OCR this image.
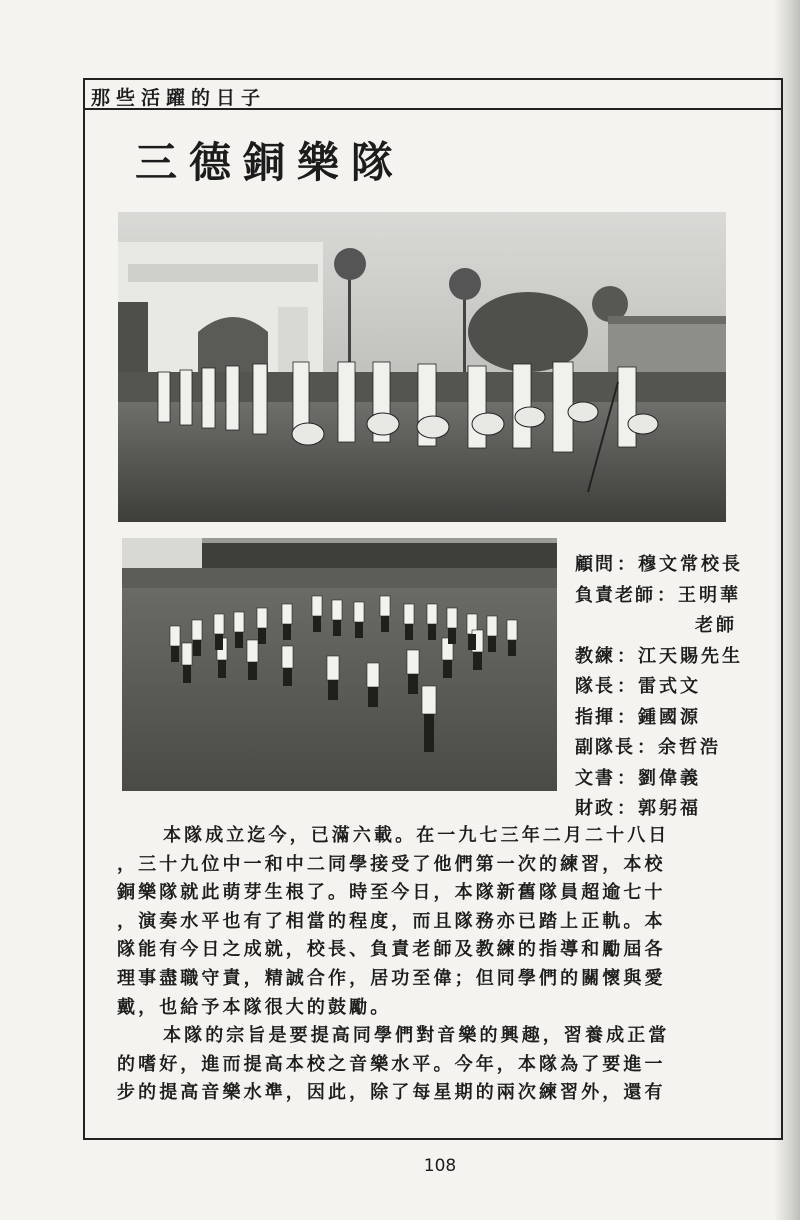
那些活躍的日子
三德銅樂隊
顧問 ： 穆文常校長
負責老師 ： 王明華
老師
教練 ： 江天賜先生
隊長 ： 雷式文
指揮 ： 鍾國源
副隊長 ： 余哲浩
文書 ： 劉偉義
財政 ： 郭躬福

本隊成立迄今，已滿六載。在一九七三年二月二十八日
，三十九位中一和中二同學接受了他們第一次的練習，本校
銅樂隊就此萌芽生根了。時至今日，本隊新舊隊員超逾七十
，演奏水平也有了相當的程度，而且隊務亦已踏上正軌。本
隊能有今日之成就，校長、負責老師及教練的指導和勵屆各
理事盡職守責，精誠合作，居功至偉；但同學們的關懷與愛
戴，也給予本隊很大的鼓勵。

本隊的宗旨是要提高同學們對音樂的興趣，習養成正當
的嗜好，進而提高本校之音樂水平。今年，本隊為了要進一
步的提高音樂水準，因此，除了每星期的兩次練習外，還有

108
